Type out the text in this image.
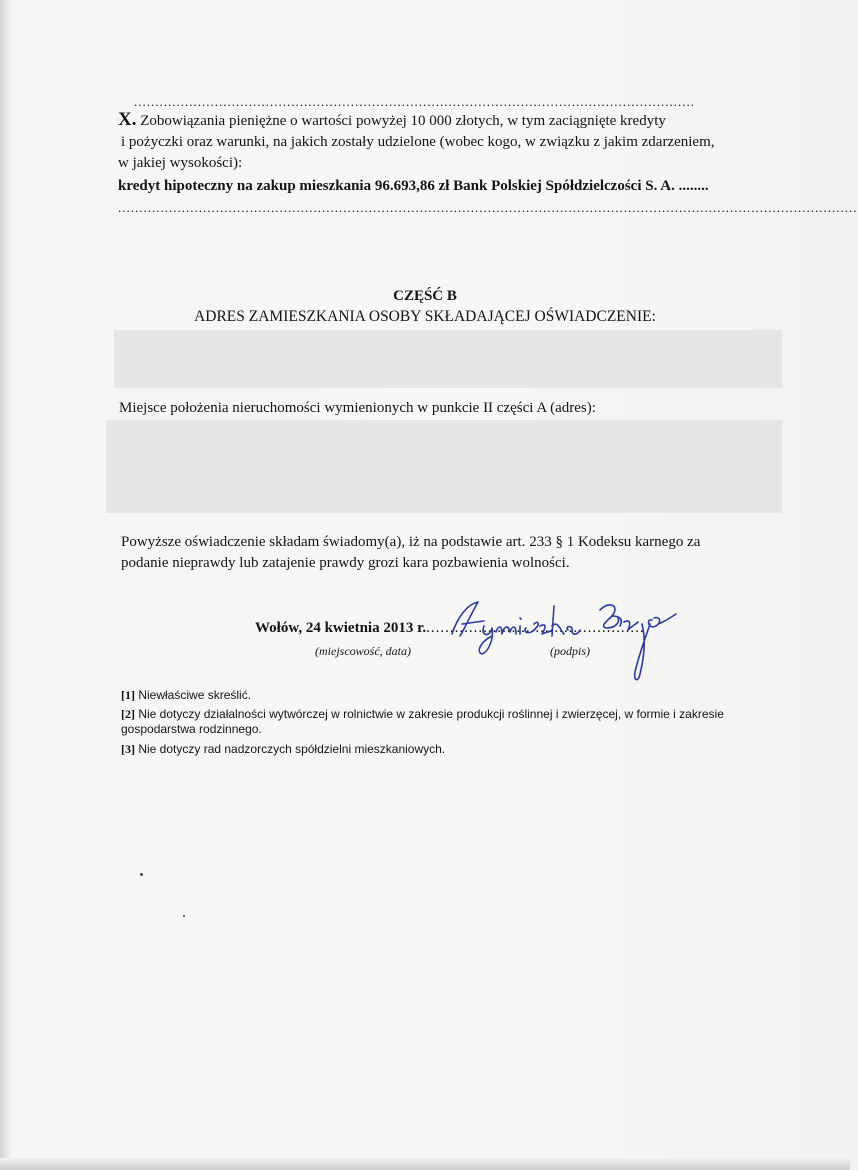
....................................................................................................................................
X. Zobowiązania pieniężne o wartości powyżej 10 000 złotych, w tym zaciągnięte kredyty
i pożyczki oraz warunki, na jakich zostały udzielone (wobec kogo, w związku z jakim zdarzeniem,
w jakiej wysokości):
kredyt hipoteczny na zakup mieszkania 96.693,86 zł Bank Polskiej Spółdzielczości S. A. ........
..............................................................................................................................................................................
CZĘŚĆ B
ADRES ZAMIESZKANIA OSOBY SKŁADAJĄCEJ OŚWIADCZENIE:
Miejsce położenia nieruchomości wymienionych w punkcie II części A (adres):
Powyższe oświadczenie składam świadomy(a), iż na podstawie art. 233 § 1 Kodeksu karnego za
podanie nieprawdy lub zatajenie prawdy grozi kara pozbawienia wolności.
Wołów, 24 kwietnia 2013 r...............................................
(miejscowość, data)	(podpis)
[1] Niewłaściwe skreślić.
[2] Nie dotyczy działalności wytwórczej w rolnictwie w zakresie produkcji roślinnej i zwierzęcej, w formie i zakresie
gospodarstwa rodzinnego.
[3] Nie dotyczy rad nadzorczych spółdzielni mieszkaniowych.
